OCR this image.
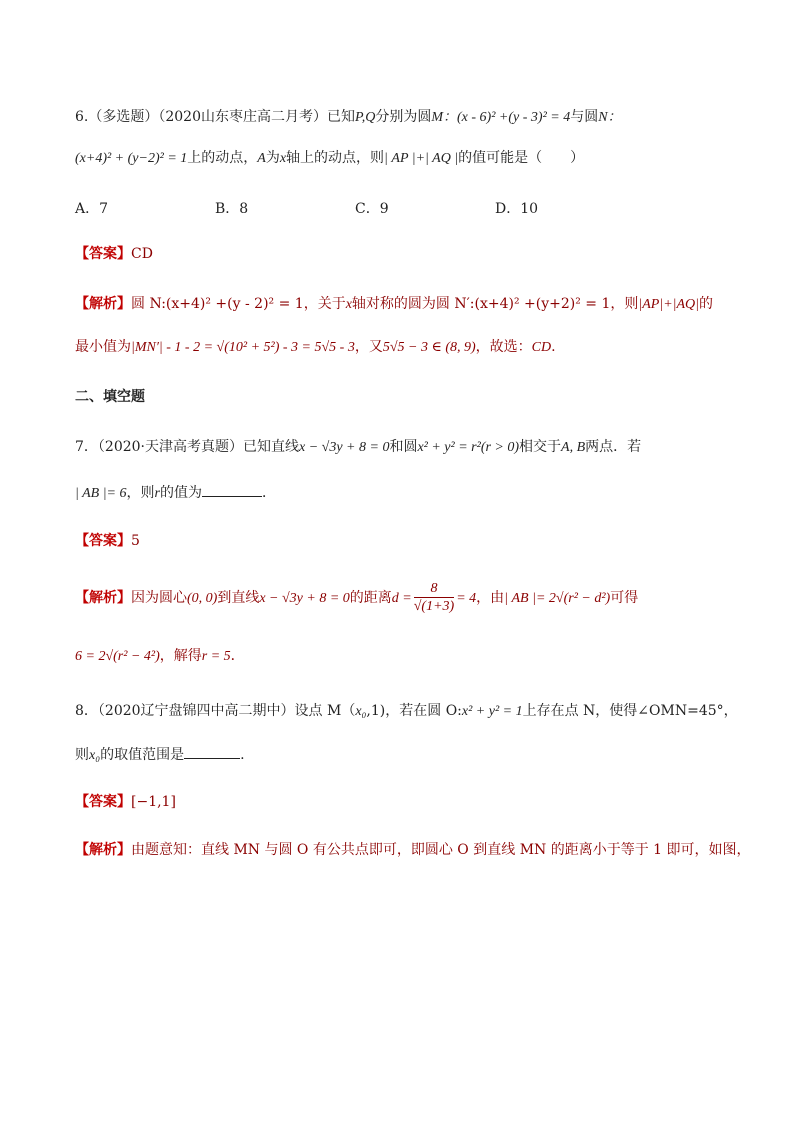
6.（多选题）（2020山东枣庄高二月考）已知P,Q分别为圆M：(x - 6)² +(y - 3)² = 4与圆N：
(x+4)² + (y−2)² = 1上的动点，A为x轴上的动点，则| AP |+| AQ |的值可能是（　　）
A．7	B．8	C．9	D．10
【答案】CD
【解析】圆 N:(x+4)² +(y - 2)² = 1，关于x轴对称的圆为圆 N′:(x+4)² +(y+2)² = 1，则|AP|+|AQ|的
最小值为|MN′| - 1 - 2 = √(10² + 5²) - 3 = 5√5 - 3，又5√5 − 3 ∈ (8, 9)，故选：CD.
二、填空题
7．（2020·天津高考真题）已知直线x − √3y + 8 = 0和圆x² + y² = r²(r > 0)相交于A, B两点．若
| AB |= 6，则r的值为	．
【答案】5
【解析】因为圆心(0, 0)到直线x − √3y + 8 = 0的距离$d = \frac{8}{√(1+3)} = 4$，由| AB |= 2√(r² − d²)可得
6 = 2√(r² − 4²)，解得r = 5．
8．（2020辽宁盘锦四中高二期中）设点 M（x₀,1)，若在圆 O:x² + y² = 1上存在点 N，使得∠OMN=45°，
则x₀的取值范围是	.
【答案】[−1,1]
【解析】由题意知：直线 MN 与圆 O 有公共点即可，即圆心 O 到直线 MN 的距离小于等于 1 即可，如图，
